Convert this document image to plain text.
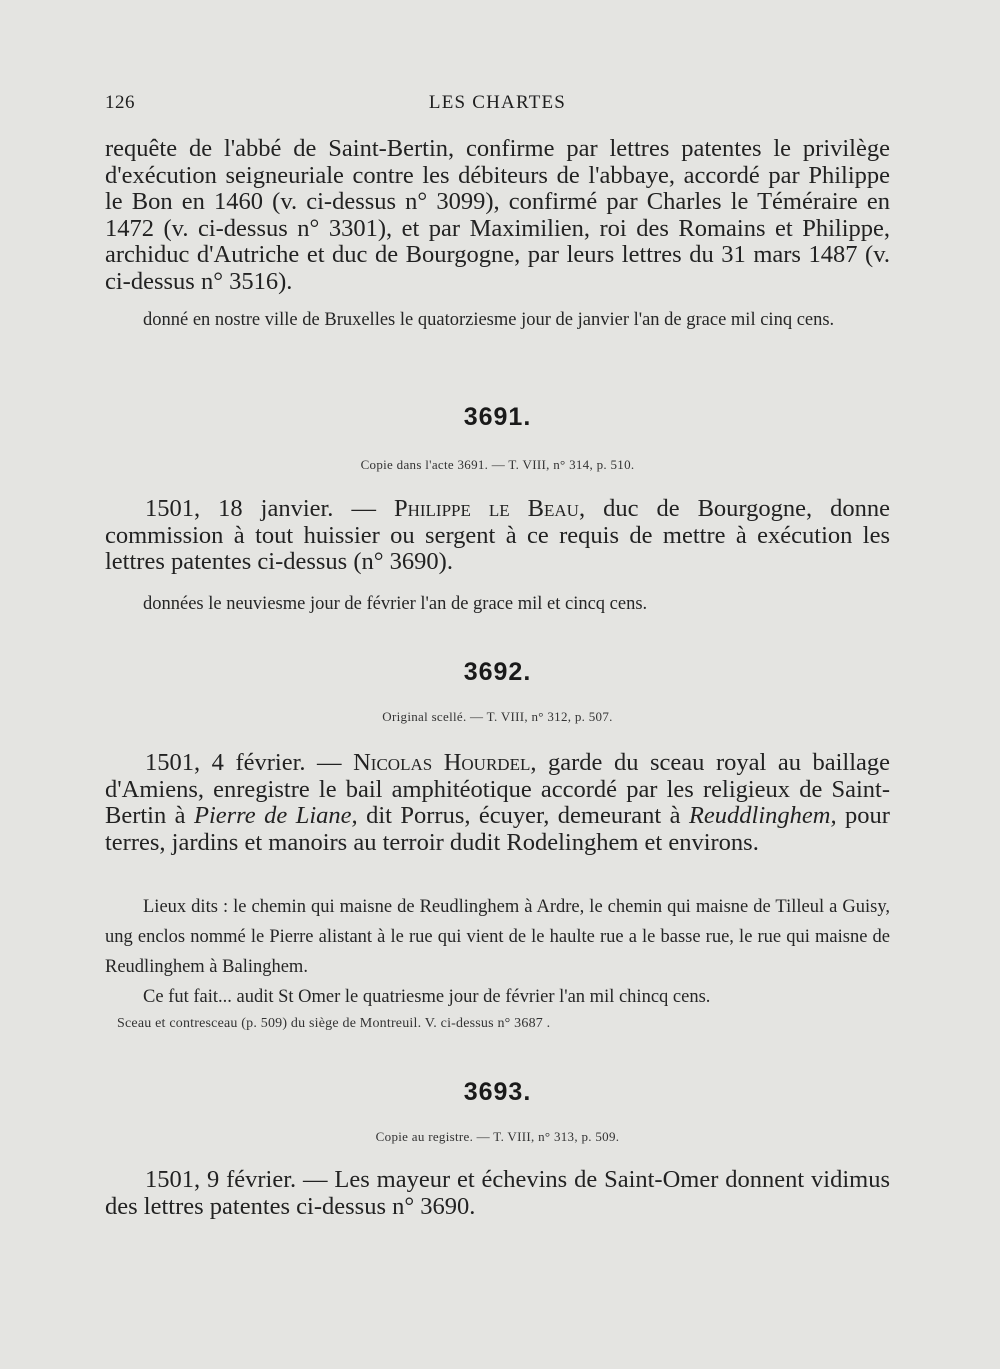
126	LES CHARTES
requête de l'abbé de Saint-Bertin, confirme par lettres patentes le privilège d'exécution seigneuriale contre les débiteurs de l'abbaye, accordé par Philippe le Bon en 1460 (v. ci-dessus n° 3099), confirmé par Charles le Téméraire en 1472 (v. ci-dessus n° 3301), et par Maximilien, roi des Romains et Philippe, archiduc d'Autriche et duc de Bourgogne, par leurs lettres du 31 mars 1487 (v. ci-dessus n° 3516).
donné en nostre ville de Bruxelles le quatorziesme jour de janvier l'an de grace mil cinq cens.
3691.
Copie dans l'acte 3691. — T. VIII, n° 314, p. 510.
1501, 18 janvier. — Philippe le Beau, duc de Bourgogne, donne commission à tout huissier ou sergent à ce requis de mettre à exécution les lettres patentes ci-dessus (n° 3690).
données le neuviesme jour de février l'an de grace mil et cincq cens.
3692.
Original scellé. — T. VIII, n° 312, p. 507.
1501, 4 février. — Nicolas Hourdel, garde du sceau royal au baillage d'Amiens, enregistre le bail amphitéotique accordé par les religieux de Saint-Bertin à Pierre de Liane, dit Porrus, écuyer, demeurant à Reuddlinghem, pour terres, jardins et manoirs au terroir dudit Rodelinghem et environs.
Lieux dits : le chemin qui maisne de Reudlinghem à Ardre, le chemin qui maisne de Tilleul a Guisy, ung enclos nommé le Pierre alistant à le rue qui vient de le haulte rue a le basse rue, le rue qui maisne de Reudlinghem à Balinghem.
Ce fut fait... audit St Omer le quatriesme jour de février l'an mil chincq cens.
Sceau et contresceau (p. 509) du siège de Montreuil. V. ci-dessus n° 3687 .
3693.
Copie au registre. — T. VIII, n° 313, p. 509.
1501, 9 février. — Les mayeur et échevins de Saint-Omer donnent vidimus des lettres patentes ci-dessus n° 3690.
